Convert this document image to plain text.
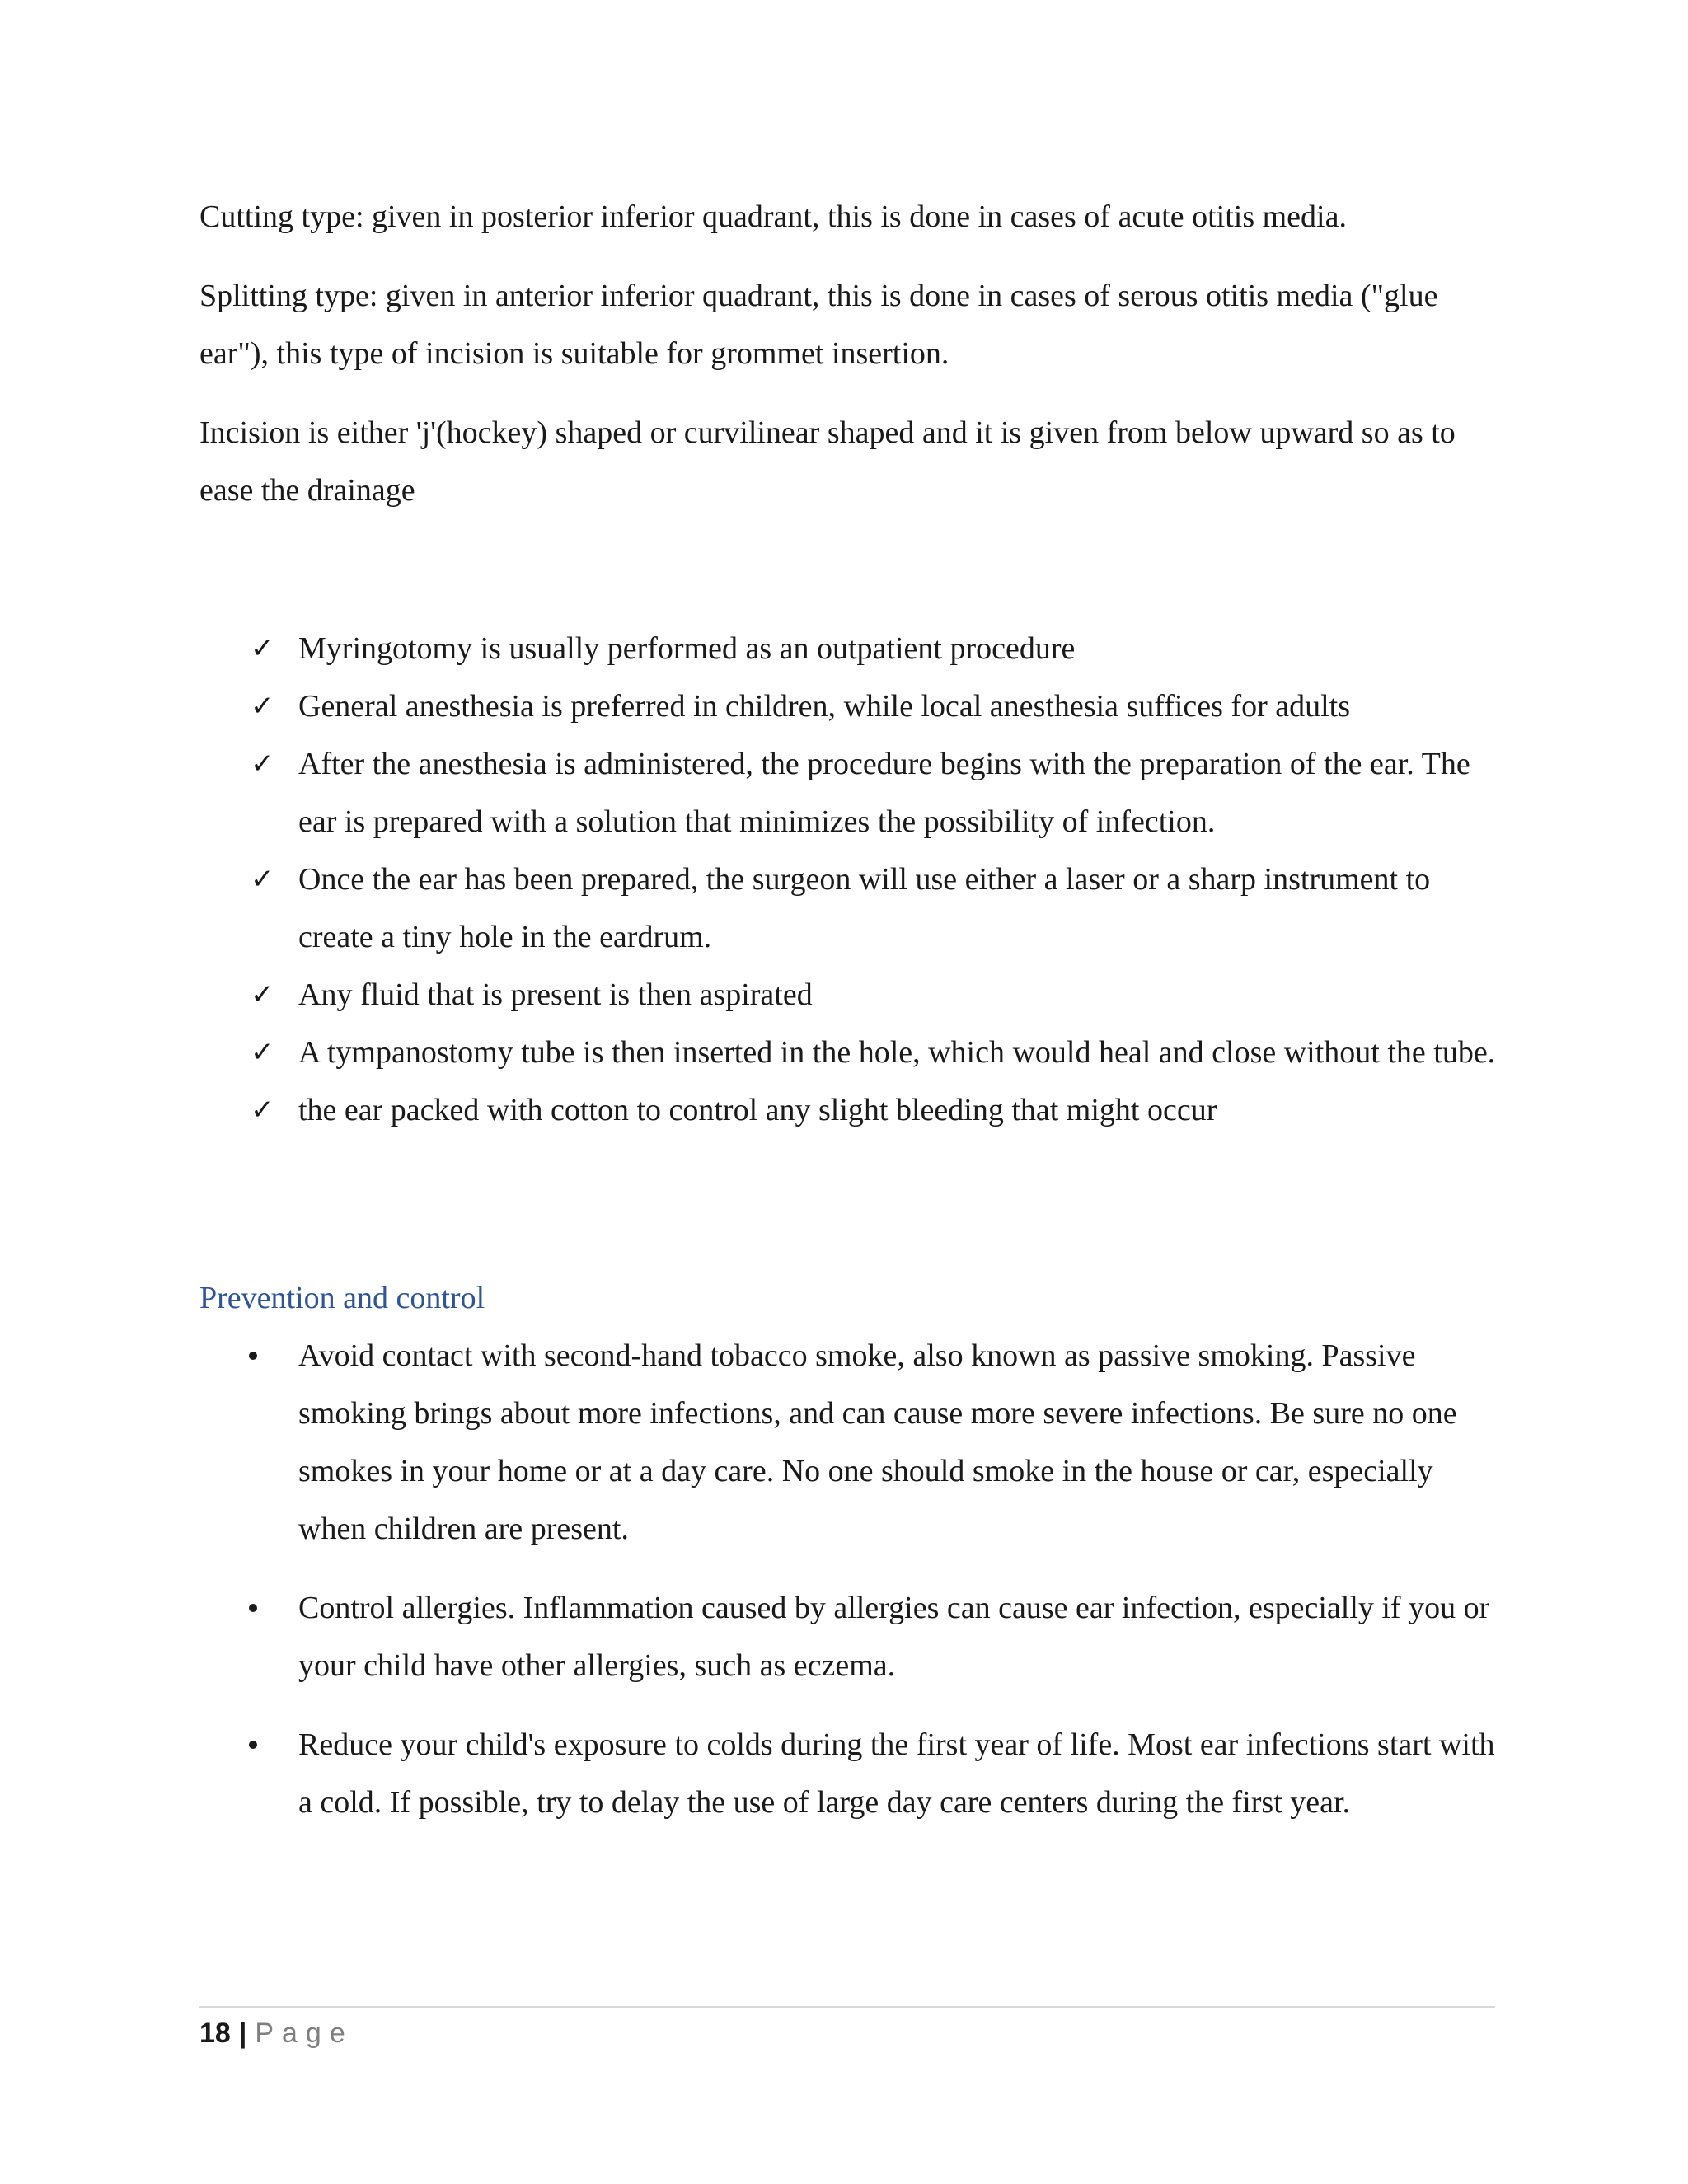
Cutting type: given in posterior inferior quadrant, this is done in cases of acute otitis media.

Splitting type: given in anterior inferior quadrant, this is done in cases of serous otitis media ("glue ear"), this type of incision is suitable for grommet insertion.

Incision is either 'j'(hockey) shaped or curvilinear shaped and it is given from below upward so as to ease the drainage

✓ Myringotomy is usually performed as an outpatient procedure
✓ General anesthesia is preferred in children, while local anesthesia suffices for adults
✓ After the anesthesia is administered, the procedure begins with the preparation of the ear. The ear is prepared with a solution that minimizes the possibility of infection.
✓ Once the ear has been prepared, the surgeon will use either a laser or a sharp instrument to create a tiny hole in the eardrum.
✓ Any fluid that is present is then aspirated
✓ A tympanostomy tube is then inserted in the hole, which would heal and close without the tube.
✓ the ear packed with cotton to control any slight bleeding that might occur
Prevention and control
Avoid contact with second-hand tobacco smoke, also known as passive smoking. Passive smoking brings about more infections, and can cause more severe infections. Be sure no one smokes in your home or at a day care. No one should smoke in the house or car, especially when children are present.
Control allergies. Inflammation caused by allergies can cause ear infection, especially if you or your child have other allergies, such as eczema.
Reduce your child's exposure to colds during the first year of life. Most ear infections start with a cold. If possible, try to delay the use of large day care centers during the first year.
18 | Page
